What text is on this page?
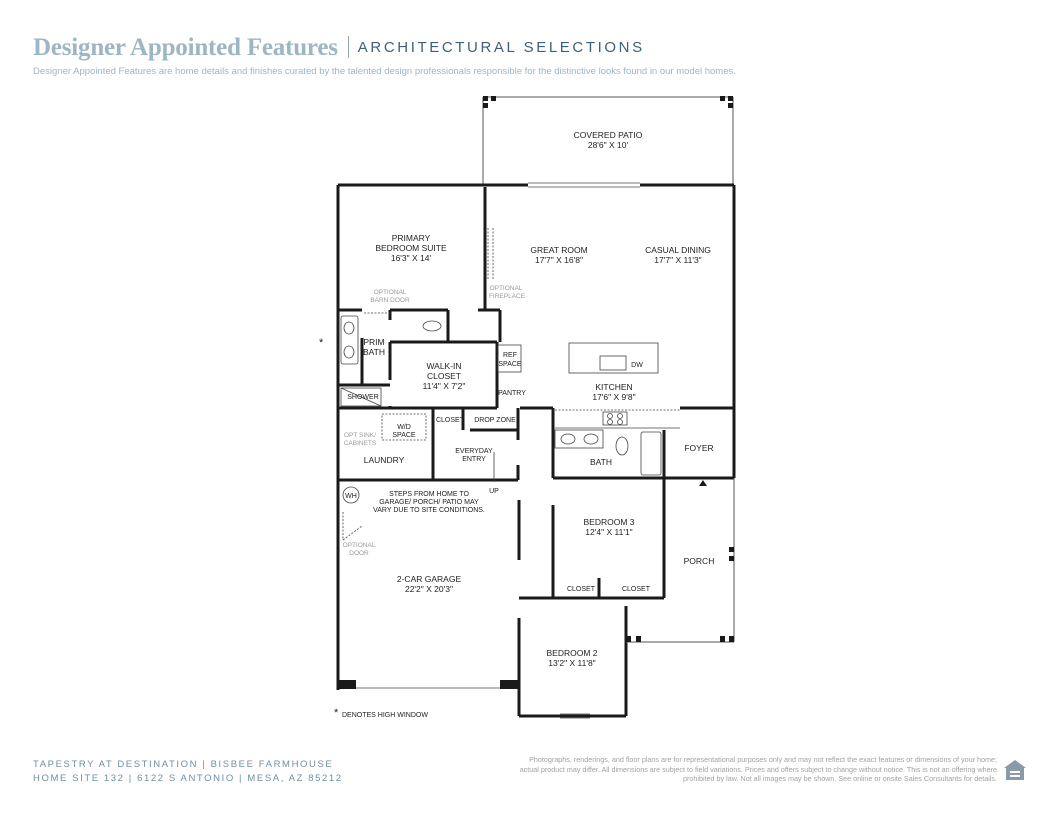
Designer Appointed Features ARCHITECTURAL SELECTIONS
Designer Appointed Features are home details and finishes curated by the talented design professionals responsible for the distinctive looks found in our model homes.
COVERED PATIO
28'6" X 10'
PRIMARY
BEDROOM SUITE
16'3" X 14'
GREAT ROOM
17'7" X 16'8"
CASUAL DINING
17'7" X 11'3"
PRIM
BATH
WALK-IN
CLOSET
11'4" X 7'2"	KITCHEN
17'6" X 9'8"
LAUNDRY	BATH
FOYER
PORCH
BEDROOM 3
12'4" X 11'1"
BEDROOM 2
13'2" X 11'8"
2-CAR GARAGE
22'2" X 20'3"
EVERYDAY
ENTRY
SHOWER
PANTRY
REF
SPACE	DW
CLOSET DROP ZONE
W/D
SPACE
OPT SINK/
CABINETS
OPTIONAL
BARN DOOR
OPTIONAL
FIREPLACE
OPTIONAL
DOOR
WH
UP
CLOSET	CLOSET
STEPS FROM HOME TO
GARAGE/ PORCH/ PATIO MAY
VARY DUE TO SITE CONDITIONS.
*
* DENOTES HIGH WINDOW
TAPESTRY AT DESTINATION | BISBEE FARMHOUSE
HOME SITE 132 | 6122 S ANTONIO | MESA, AZ 85212
Photographs, renderings, and floor plans are for representational purposes only and may not reflect the exact features or dimensions of your home; actual product may differ. All dimensions are subject to field variations. Prices and offers subject to change without notice. This is not an offering where prohibited by law. Not all images may be shown. See online or onsite Sales Consultants for details.
